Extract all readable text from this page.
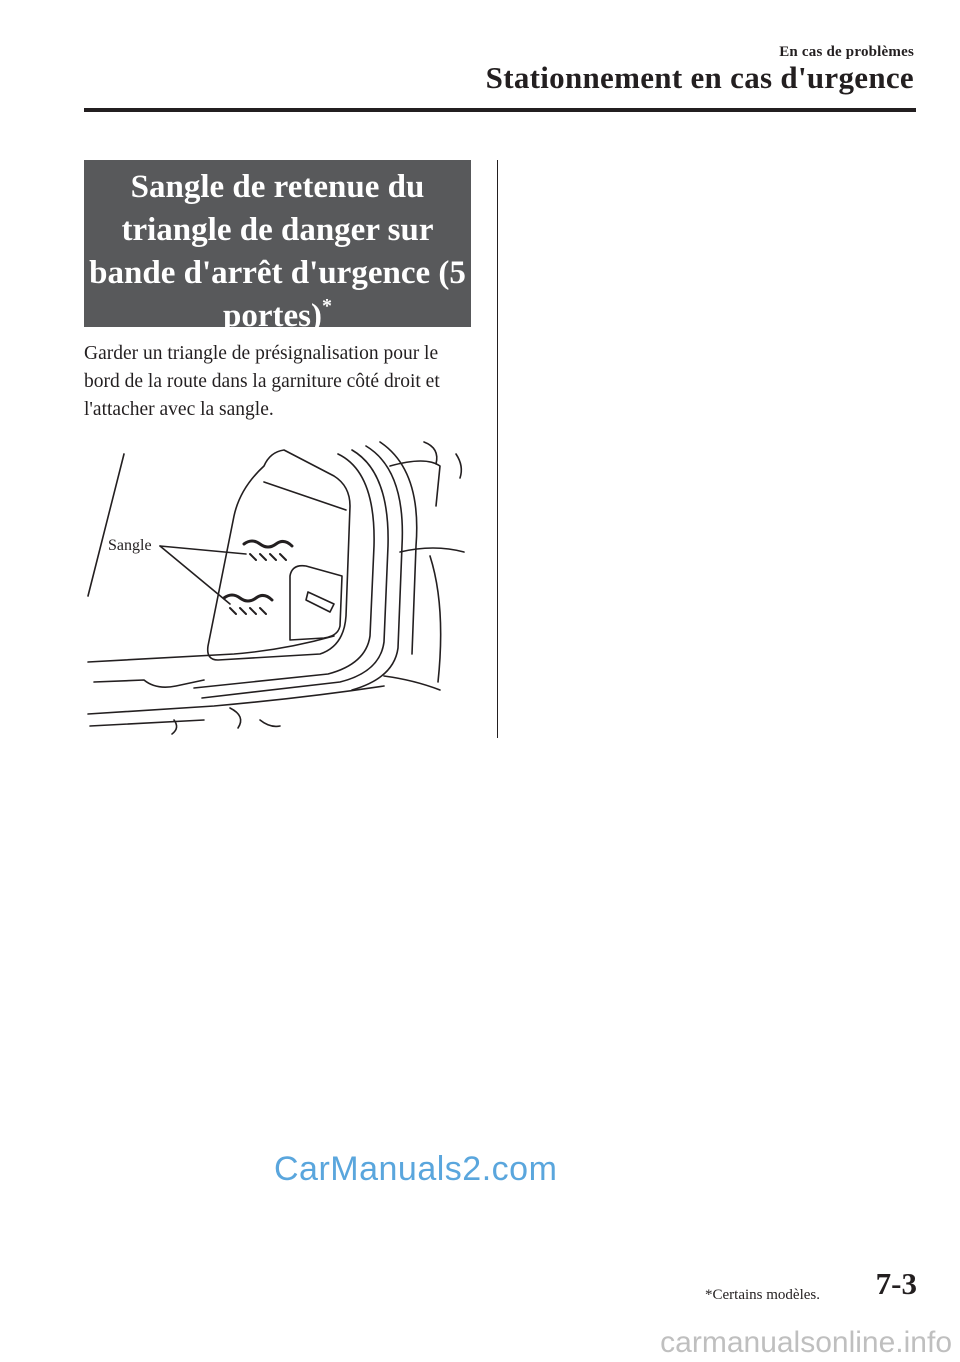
En cas de problèmes
Stationnement en cas d'urgence
Sangle de retenue du triangle de danger sur bande d'arrêt d'urgence (5 portes)*
Garder un triangle de présignalisation pour le bord de la route dans la garniture côté droit et l'attacher avec la sangle.
Sangle
CarManuals2.com
*Certains modèles. 7-3
carmanualsonline.info
